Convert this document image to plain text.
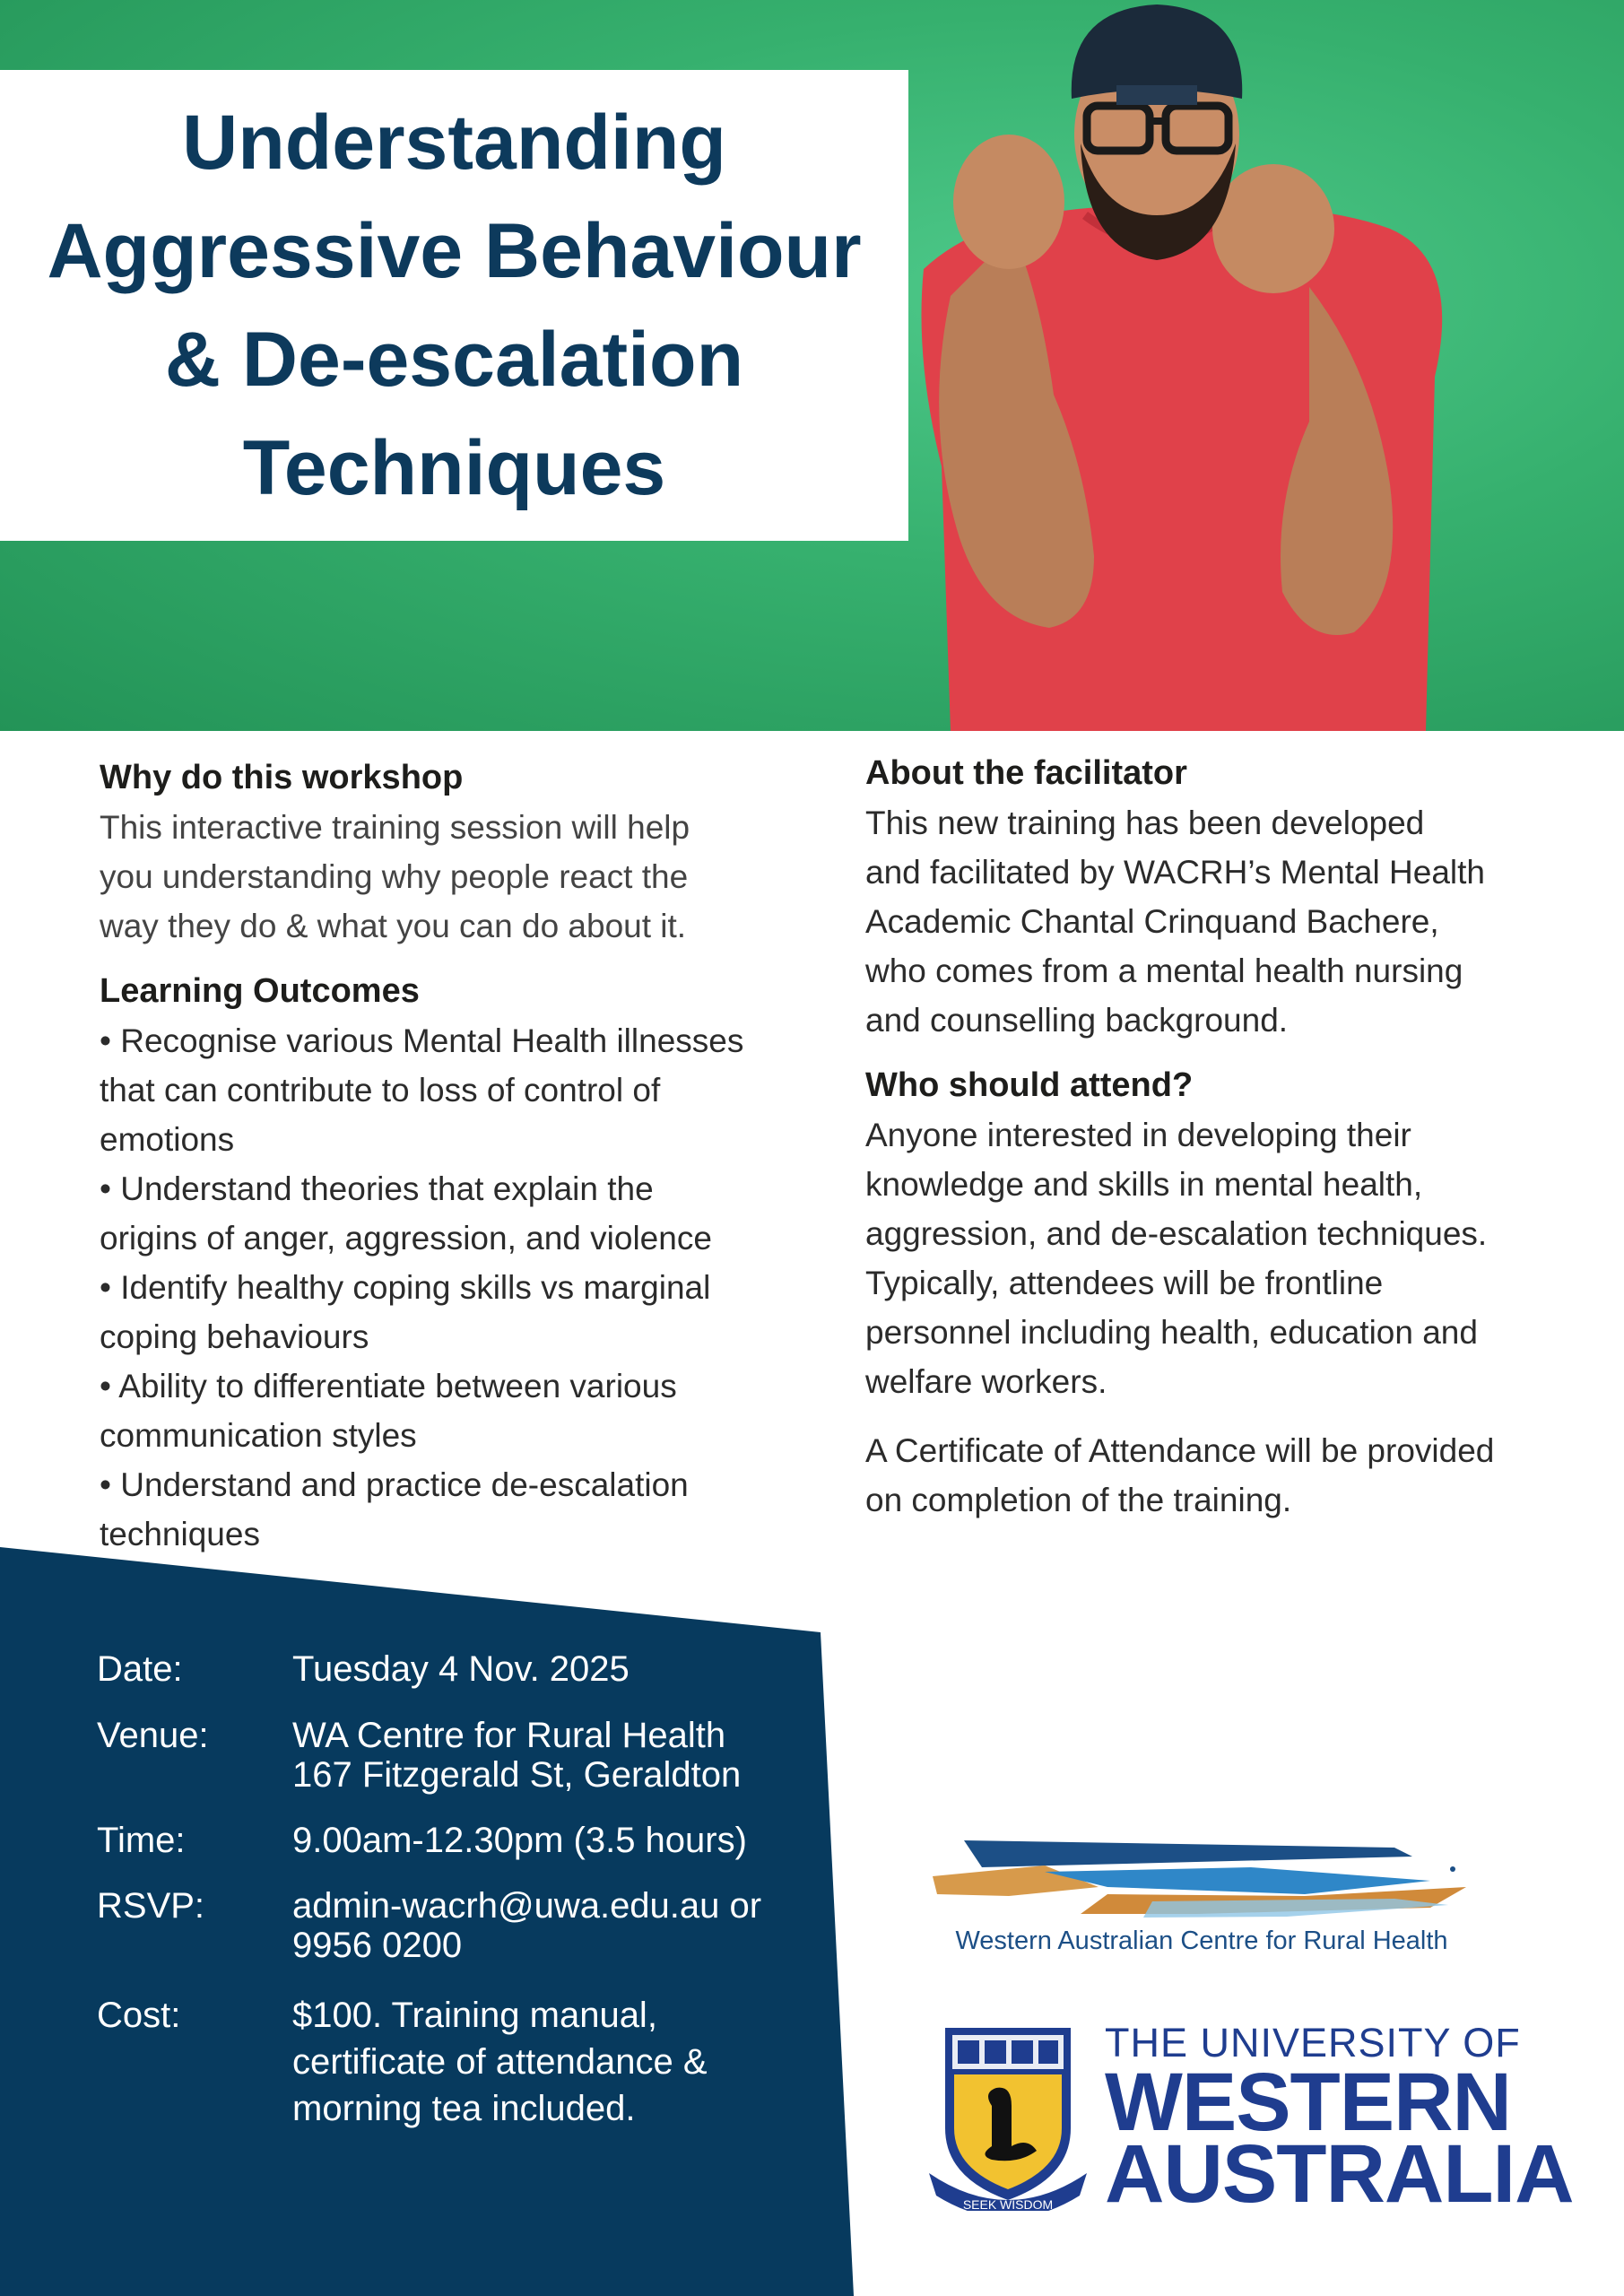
Understanding
Aggressive Behaviour
& De-escalation
Techniques
Why do this workshop
This interactive training session will help
you understanding why people react the
way they do & what you can do about it.
Learning Outcomes
• Recognise various Mental Health illnesses
that can contribute to loss of control of
emotions
• Understand theories that explain the
origins of anger, aggression, and violence
• Identify healthy coping skills vs marginal
coping behaviours
• Ability to differentiate between various
communication styles
• Understand and practice de-escalation
techniques
About the facilitator
This new training has been developed
and facilitated by WACRH’s Mental Health
Academic Chantal Crinquand Bachere,
who comes from a mental health nursing
and counselling background.
Who should attend?
Anyone interested in developing their
knowledge and skills in mental health,
aggression, and de-escalation techniques.
Typically, attendees will be frontline
personnel including health, education and
welfare workers.
A Certificate of Attendance will be provided
on completion of the training.
Date:	Tuesday 4 Nov. 2025
Venue:	WA Centre for Rural Health
167 Fitzgerald St, Geraldton
Time:	9.00am-12.30pm (3.5 hours)
RSVP:	admin-wacrh@uwa.edu.au or
9956 0200
Cost:	$100. Training manual,
certificate of attendance &
morning tea included.
Western Australian Centre for Rural Health
SEEK WISDOM
THE UNIVERSITY OF
WESTERN
AUSTRALIA
